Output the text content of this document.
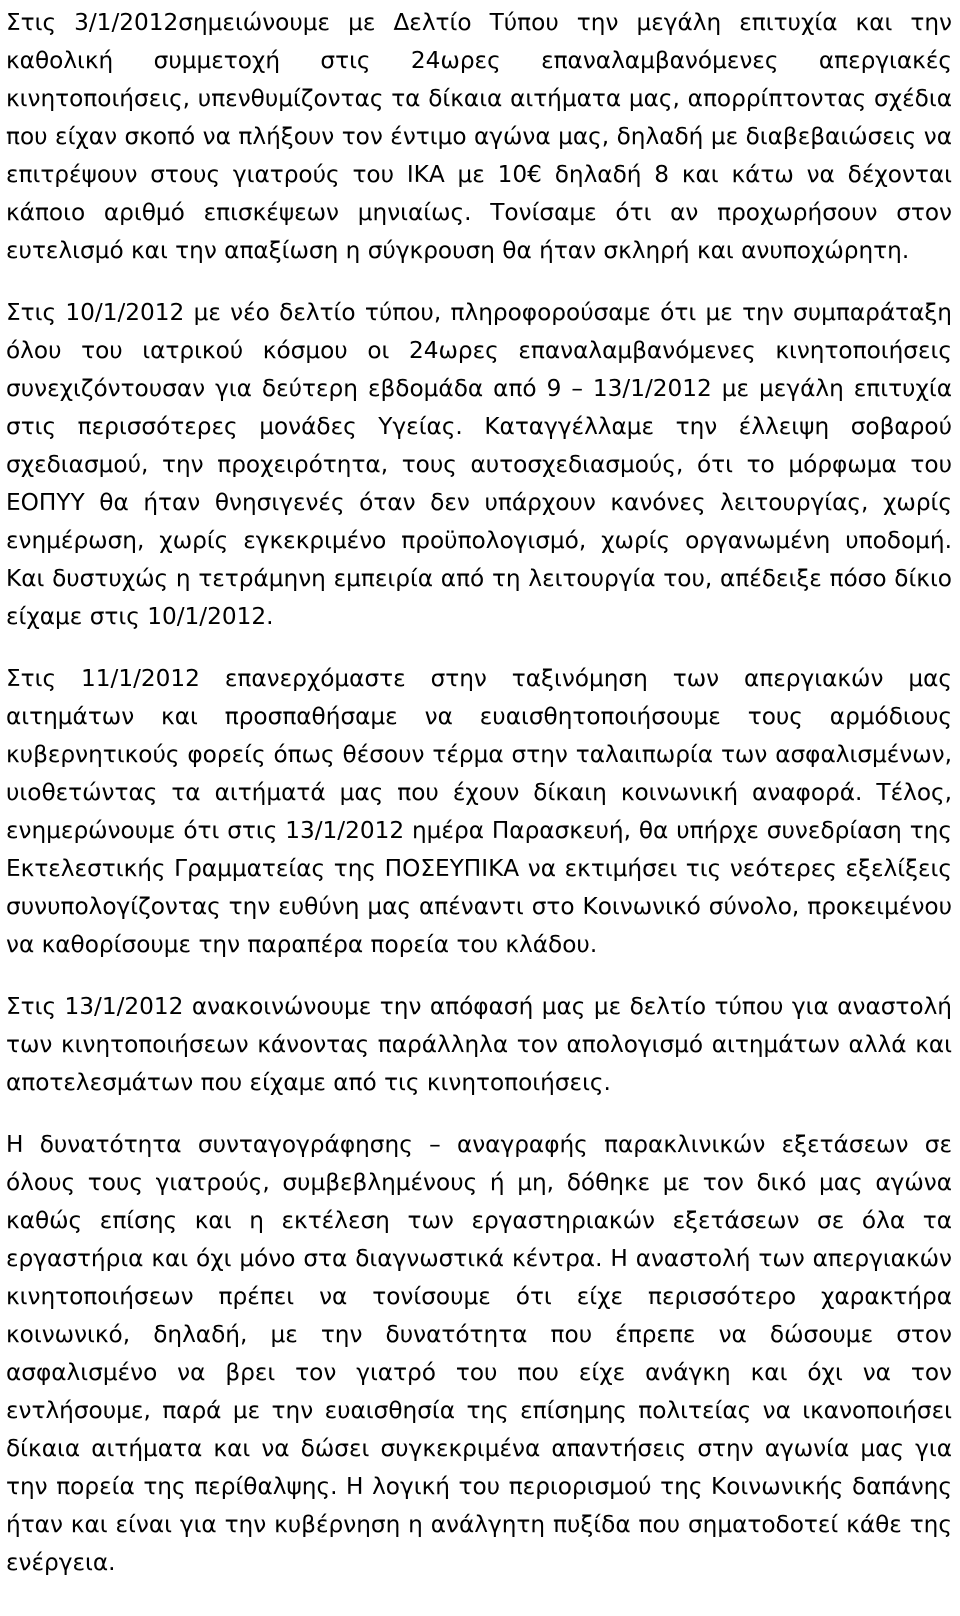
Στις 3/1/2012σημειώνουμε με Δελτίο Τύπου την μεγάλη επιτυχία και την καθολική συμμετοχή στις 24ωρες επαναλαμβανόμενες απεργιακές κινητοποιήσεις, υπενθυμίζοντας τα δίκαια αιτήματα μας, απορρίπτοντας σχέδια που είχαν σκοπό να πλήξουν τον έντιμο αγώνα μας, δηλαδή με διαβεβαιώσεις να επιτρέψουν στους γιατρούς του ΙΚΑ με 10€ δηλαδή 8 και κάτω να δέχονται κάποιο αριθμό επισκέψεων μηνιαίως. Τονίσαμε ότι αν προχωρήσουν στον ευτελισμό και την απαξίωση η σύγκρουση θα ήταν σκληρή και ανυποχώρητη.

Στις 10/1/2012 με νέο δελτίο τύπου, πληροφορούσαμε ότι με την συμπαράταξη όλου του ιατρικού κόσμου οι 24ωρες επαναλαμβανόμενες κινητοποιήσεις συνεχιζόντουσαν για δεύτερη εβδομάδα από 9 – 13/1/2012 με μεγάλη επιτυχία στις περισσότερες μονάδες Υγείας. Καταγγέλλαμε την έλλειψη σοβαρού σχεδιασμού, την προχειρότητα, τους αυτοσχεδιασμούς, ότι το μόρφωμα του ΕΟΠΥΥ θα ήταν θνησιγενές όταν δεν υπάρχουν κανόνες λειτουργίας, χωρίς ενημέρωση, χωρίς εγκεκριμένο προϋπολογισμό, χωρίς οργανωμένη υποδομή. Και δυστυχώς η τετράμηνη εμπειρία από τη λειτουργία του, απέδειξε πόσο δίκιο είχαμε στις 10/1/2012.

Στις 11/1/2012 επανερχόμαστε στην ταξινόμηση των απεργιακών μας αιτημάτων και προσπαθήσαμε να ευαισθητοποιήσουμε τους αρμόδιους κυβερνητικούς φορείς όπως θέσουν τέρμα στην ταλαιπωρία των ασφαλισμένων, υιοθετώντας τα αιτήματά μας που έχουν δίκαιη κοινωνική αναφορά. Τέλος, ενημερώνουμε ότι στις 13/1/2012 ημέρα Παρασκευή, θα υπήρχε συνεδρίαση της Εκτελεστικής Γραμματείας της ΠΟΣΕΥΠΙΚΑ να εκτιμήσει τις νεότερες εξελίξεις συνυπολογίζοντας την ευθύνη μας απέναντι στο Κοινωνικό σύνολο, προκειμένου να καθορίσουμε την παραπέρα πορεία του κλάδου.

Στις 13/1/2012 ανακοινώνουμε την απόφασή μας με δελτίο τύπου για αναστολή των κινητοποιήσεων κάνοντας παράλληλα τον απολογισμό αιτημάτων αλλά και αποτελεσμάτων που είχαμε από τις κινητοποιήσεις.

Η δυνατότητα συνταγογράφησης – αναγραφής παρακλινικών εξετάσεων σε όλους τους γιατρούς, συμβεβλημένους ή μη, δόθηκε με τον δικό μας αγώνα καθώς επίσης και η εκτέλεση των εργαστηριακών εξετάσεων σε όλα τα εργαστήρια και όχι μόνο στα διαγνωστικά κέντρα. Η αναστολή των απεργιακών κινητοποιήσεων πρέπει να τονίσουμε ότι είχε περισσότερο χαρακτήρα κοινωνικό, δηλαδή, με την δυνατότητα που έπρεπε να δώσουμε στον ασφαλισμένο να βρει τον γιατρό του που είχε ανάγκη και όχι να τον εντλήσουμε, παρά με την ευαισθησία της επίσημης πολιτείας να ικανοποιήσει δίκαια αιτήματα και να δώσει συγκεκριμένα απαντήσεις στην αγωνία μας για την πορεία της περίθαλψης. Η λογική του περιορισμού της Κοινωνικής δαπάνης ήταν και είναι για την κυβέρνηση η ανάλγητη πυξίδα που σηματοδοτεί κάθε της ενέργεια.
